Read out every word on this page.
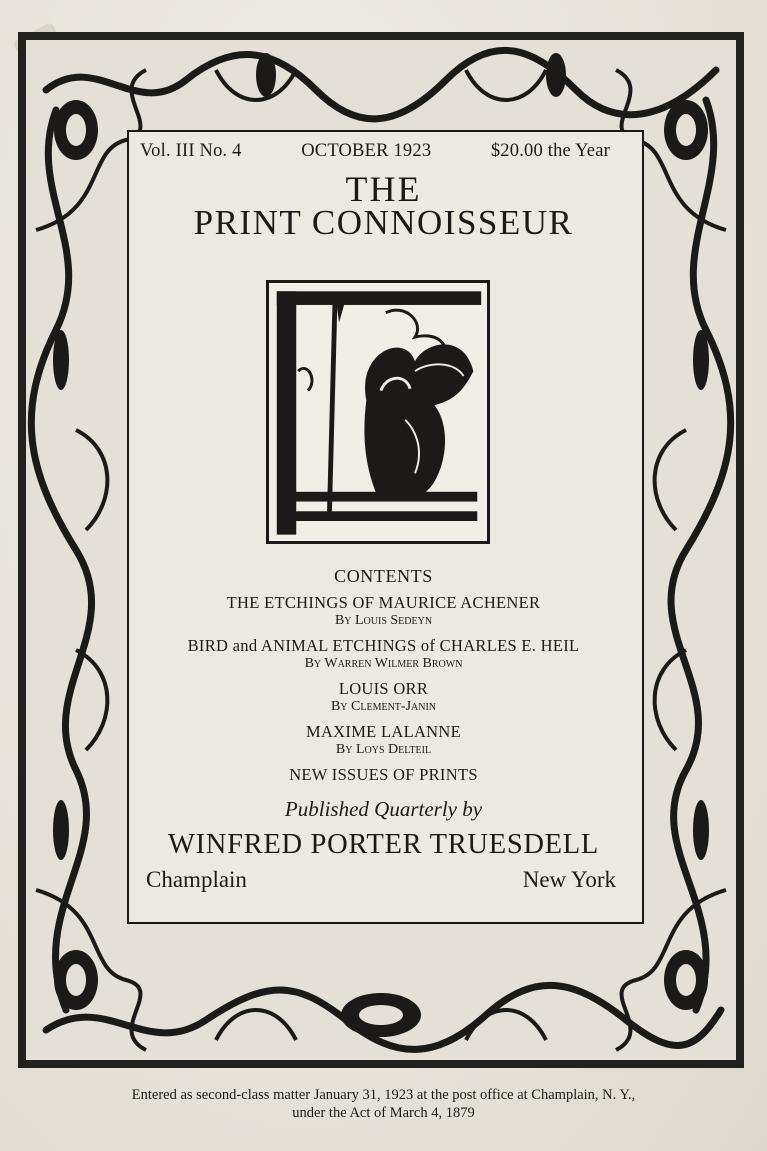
Vol. III No. 4	OCTOBER 1923	$20.00 the Year
THE
PRINT CONNOISSEUR
CONTENTS
THE ETCHINGS OF MAURICE ACHENER
By Louis Sedeyn
BIRD and ANIMAL ETCHINGS of CHARLES E. HEIL
By Warren Wilmer Brown
LOUIS ORR
By Clement-Janin
MAXIME LALANNE
By Loys Delteil
NEW ISSUES OF PRINTS
Published Quarterly by
WINFRED PORTER TRUESDELL
Champlain	New York
Entered as second-class matter January 31, 1923 at the post office at Champlain, N. Y.,
under the Act of March 4, 1879
